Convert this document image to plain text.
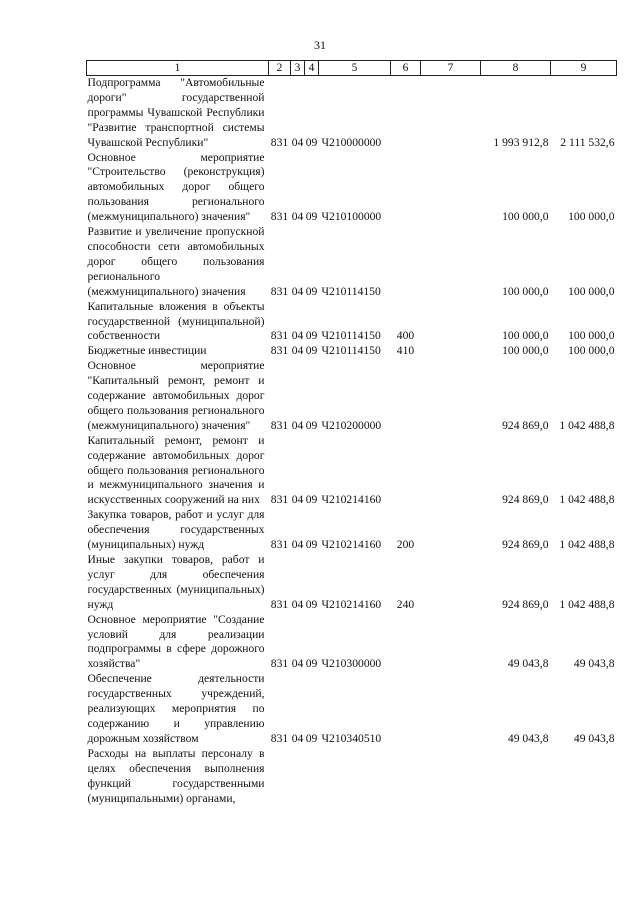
31
1	2	3	4	5	6	7	8	9
Подпрограмма "Автомобильные дороги" государственной программы Чувашской Республики "Развитие транспортной системы Чувашской Республики"	831	04	09	Ч210000000			1 993 912,8	2 111 532,6
Основное мероприятие "Строительство (реконструкция) автомобильных дорог общего пользования регионального (межмуниципального) значения"	831	04	09	Ч210100000			100 000,0	100 000,0
Развитие и увеличение пропускной способности сети автомобильных дорог общего пользования регионального (межмуниципального) значения	831	04	09	Ч210114150			100 000,0	100 000,0
Капитальные вложения в объекты государственной (муниципальной) собственности	831	04	09	Ч210114150	400		100 000,0	100 000,0
Бюджетные инвестиции	831	04	09	Ч210114150	410		100 000,0	100 000,0
Основное мероприятие "Капитальный ремонт, ремонт и содержание автомобильных дорог общего пользования регионального (межмуниципального) значения"	831	04	09	Ч210200000			924 869,0	1 042 488,8
Капитальный ремонт, ремонт и содержание автомобильных дорог общего пользования регионального и межмуниципального значения и искусственных сооружений на них	831	04	09	Ч210214160			924 869,0	1 042 488,8
Закупка товаров, работ и услуг для обеспечения государственных (муниципальных) нужд	831	04	09	Ч210214160	200		924 869,0	1 042 488,8
Иные закупки товаров, работ и услуг для обеспечения государственных (муниципальных) нужд	831	04	09	Ч210214160	240		924 869,0	1 042 488,8
Основное мероприятие "Создание условий для реализации подпрограммы в сфере дорожного хозяйства"	831	04	09	Ч210300000			49 043,8	49 043,8
Обеспечение деятельности государственных учреждений, реализующих мероприятия по содержанию и управлению дорожным хозяйством	831	04	09	Ч210340510			49 043,8	49 043,8
Расходы на выплаты персоналу в целях обеспечения выполнения функций государственными (муниципальными) органами,								
